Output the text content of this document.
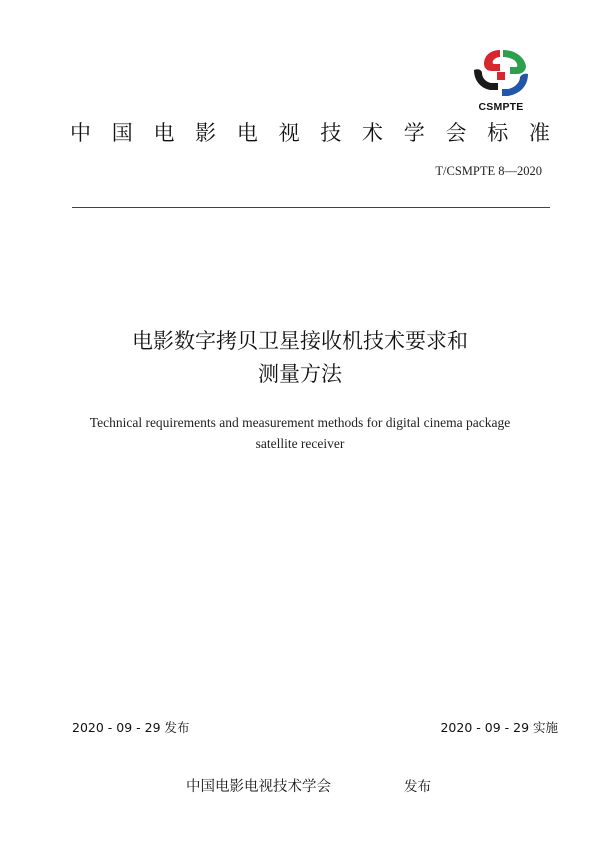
CSMPTE
中 国 电 影 电 视 技 术 学 会 标 准
T/CSMPTE 8—2020
电影数字拷贝卫星接收机技术要求和
测量方法
Technical requirements and measurement methods for digital cinema package
satellite receiver
2020 - 09 - 29 发布	2020 - 09 - 29 实施
中国电影电视技术学会	发布
